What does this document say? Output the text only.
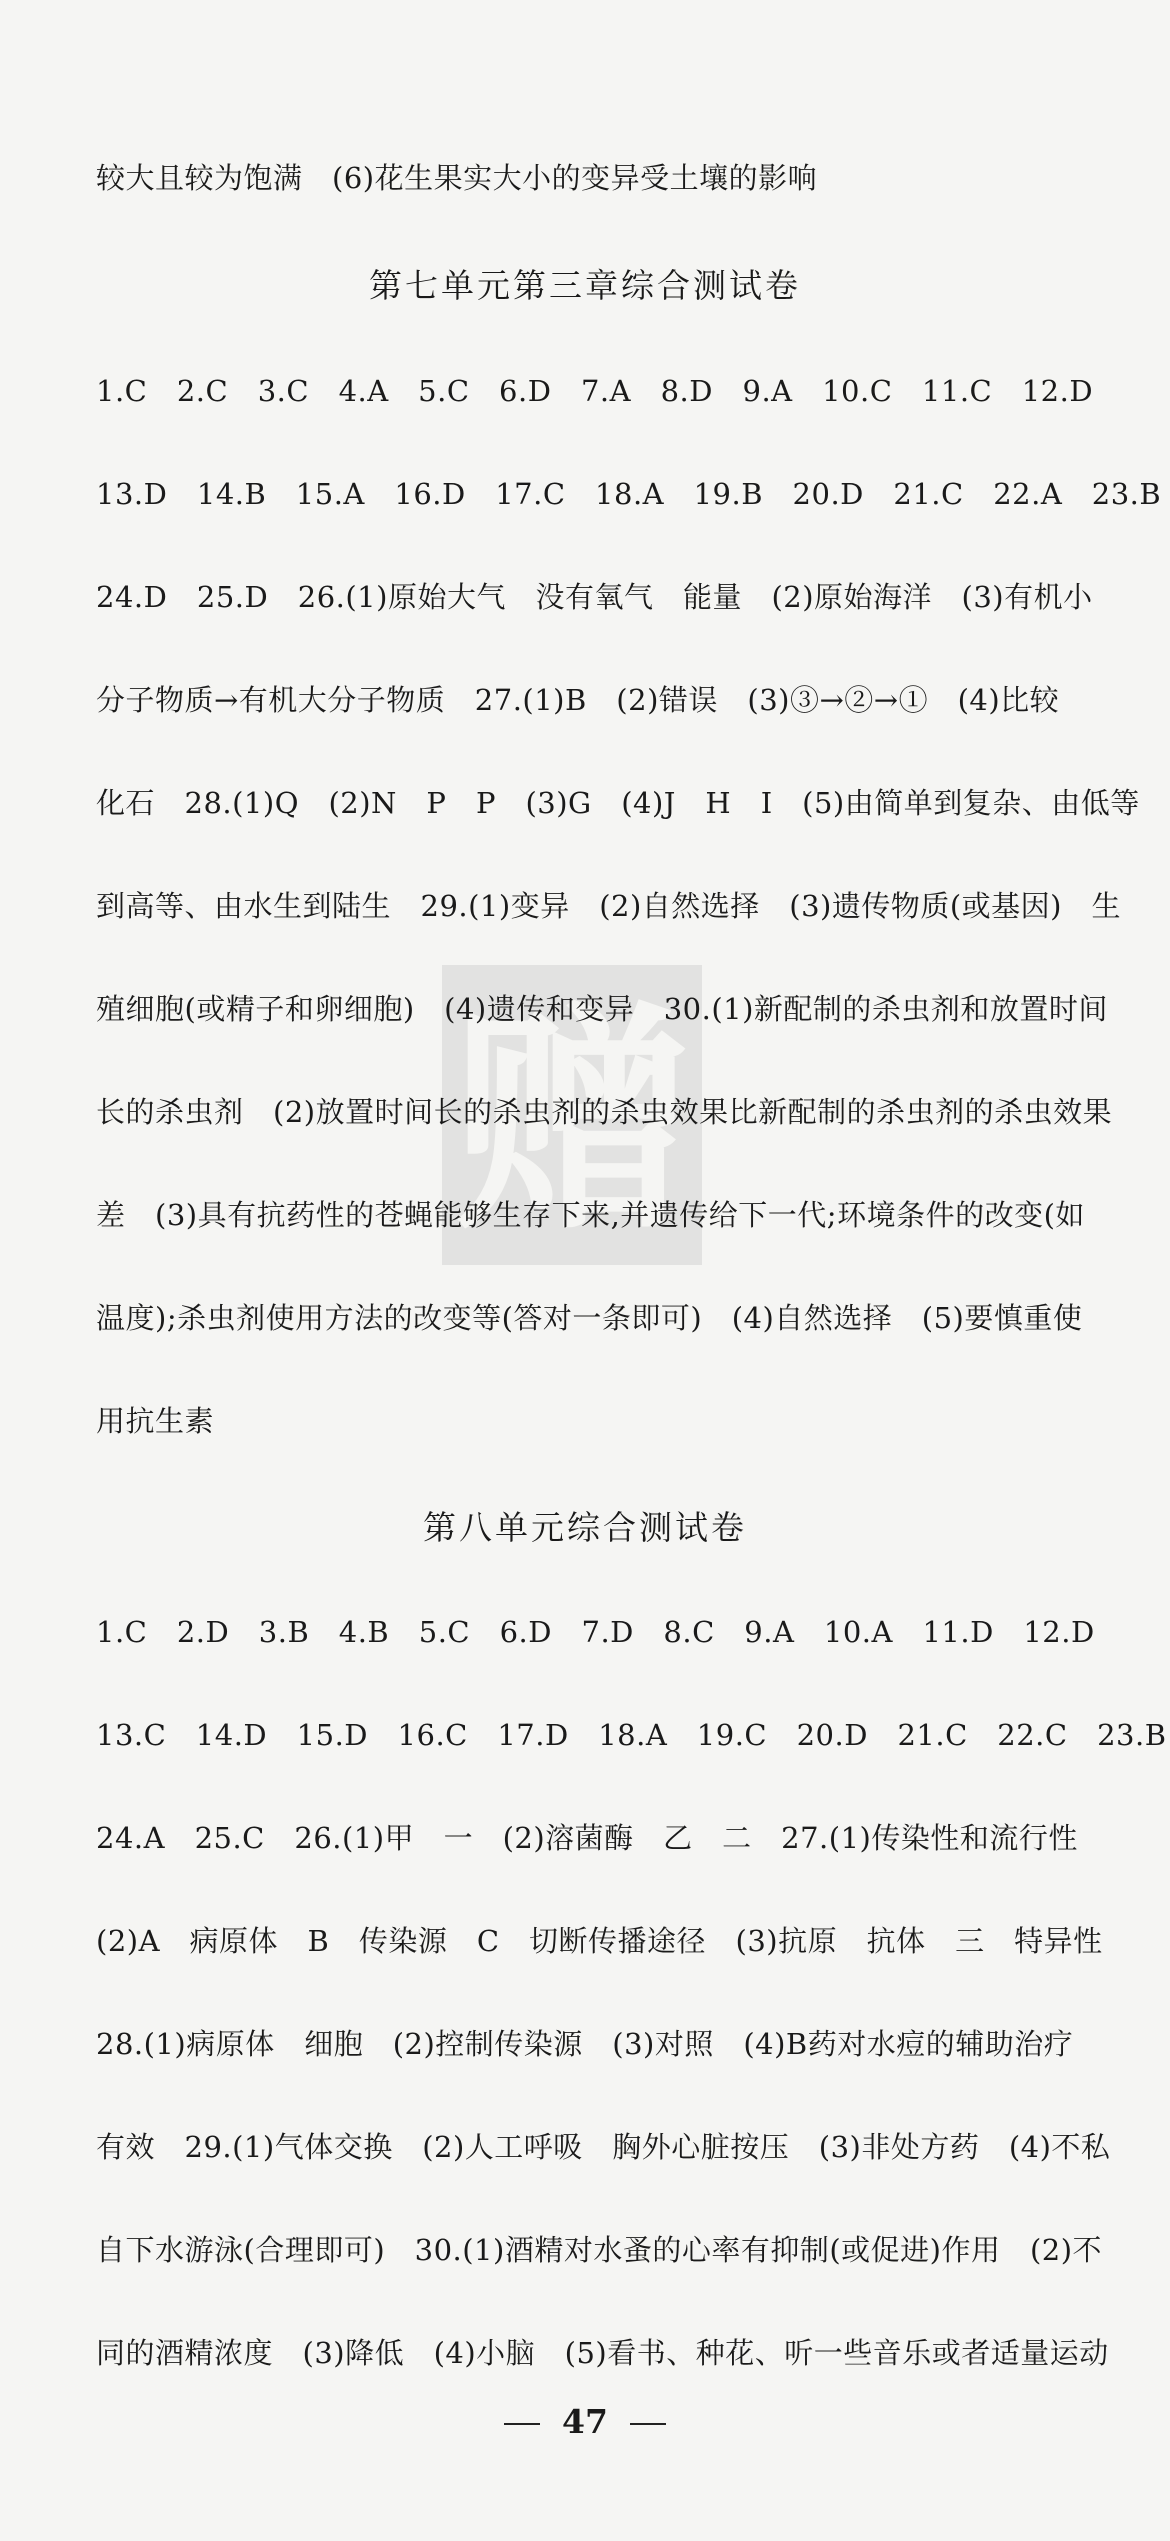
赠
较大且较为饱满　(6)花生果实大小的变异受土壤的影响
第七单元第三章综合测试卷
1.C　2.C　3.C　4.A　5.C　6.D　7.A　8.D　9.A　10.C　11.C　12.D
13.D　14.B　15.A　16.D　17.C　18.A　19.B　20.D　21.C　22.A　23.B
24.D　25.D　26.(1)原始大气　没有氧气　能量　(2)原始海洋　(3)有机小
分子物质→有机大分子物质　27.(1)B　(2)错误　(3)③→②→①　(4)比较
化石　28.(1)Q　(2)N　P　P　(3)G　(4)J　H　I　(5)由简单到复杂、由低等
到高等、由水生到陆生　29.(1)变异　(2)自然选择　(3)遗传物质(或基因)　生
殖细胞(或精子和卵细胞)　(4)遗传和变异　30.(1)新配制的杀虫剂和放置时间
长的杀虫剂　(2)放置时间长的杀虫剂的杀虫效果比新配制的杀虫剂的杀虫效果
差　(3)具有抗药性的苍蝇能够生存下来,并遗传给下一代;环境条件的改变(如
温度);杀虫剂使用方法的改变等(答对一条即可)　(4)自然选择　(5)要慎重使
用抗生素
第八单元综合测试卷
1.C　2.D　3.B　4.B　5.C　6.D　7.D　8.C　9.A　10.A　11.D　12.D
13.C　14.D　15.D　16.C　17.D　18.A　19.C　20.D　21.C　22.C　23.B
24.A　25.C　26.(1)甲　一　(2)溶菌酶　乙　二　27.(1)传染性和流行性
(2)A　病原体　B　传染源　C　切断传播途径　(3)抗原　抗体　三　特异性
28.(1)病原体　细胞　(2)控制传染源　(3)对照　(4)B药对水痘的辅助治疗
有效　29.(1)气体交换　(2)人工呼吸　胸外心脏按压　(3)非处方药　(4)不私
自下水游泳(合理即可)　30.(1)酒精对水蚤的心率有抑制(或促进)作用　(2)不
同的酒精浓度　(3)降低　(4)小脑　(5)看书、种花、听一些音乐或者适量运动
47
